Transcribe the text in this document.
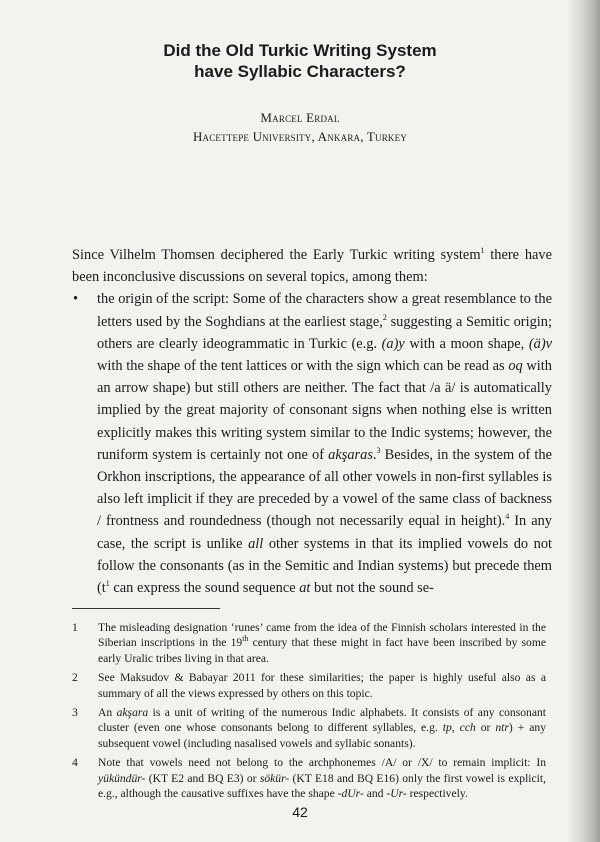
Did the Old Turkic Writing System
have Syllabic Characters?
Marcel Erdal
Hacettepe University, Ankara, Turkey

Since Vilhelm Thomsen deciphered the Early Turkic writing system$^1$ there have been inconclusive discussions on several topics, among them:

• the origin of the script: Some of the characters show a great resemblance to the letters used by the Soghdians at the earliest stage,$^2$ suggesting a Semitic origin; others are clearly ideogrammatic in Turkic (e.g. (a)y with a moon shape, (ä)v with the shape of the tent lattices or with the sign which can be read as oq with an arrow shape) but still others are neither. The fact that /a ä/ is automatically implied by the great majority of consonant signs when nothing else is written explicitly makes this writing system similar to the Indic systems; however, the runiform system is certainly not one of akşaras.$^3$ Besides, in the system of the Orkhon inscriptions, the appearance of all other vowels in non-first syllables is also left implicit if they are preceded by a vowel of the same class of backness / frontness and roundedness (though not necessarily equal in height).$^4$ In any case, the script is unlike all other systems in that its implied vowels do not follow the consonants (as in the Semitic and Indian systems) but precede them ($t^1$ can express the sound sequence at but not the sound se-

1 The misleading designation ‘runes’ came from the idea of the Finnish scholars interested in the Siberian inscriptions in the 19th century that these might in fact have been inscribed by some early Uralic tribes living in that area.

2 See Maksudov & Babayar 2011 for these similarities; the paper is highly useful also as a summary of all the views expressed by others on this topic.

3 An akşara is a unit of writing of the numerous Indic alphabets. It consists of any consonant cluster (even one whose consonants belong to different syllables, e.g. tp, cch or ntr) + any subsequent vowel (including nasalised vowels and syllabic sonants).

4 Note that vowels need not belong to the archphonemes /A/ or /X/ to remain implicit: In yükündür- (KT E2 and BQ E3) or sökür- (KT E18 and BQ E16) only the first vowel is explicit, e.g., although the causative suffixes have the shape -dUr- and -Ur- respectively.

42
